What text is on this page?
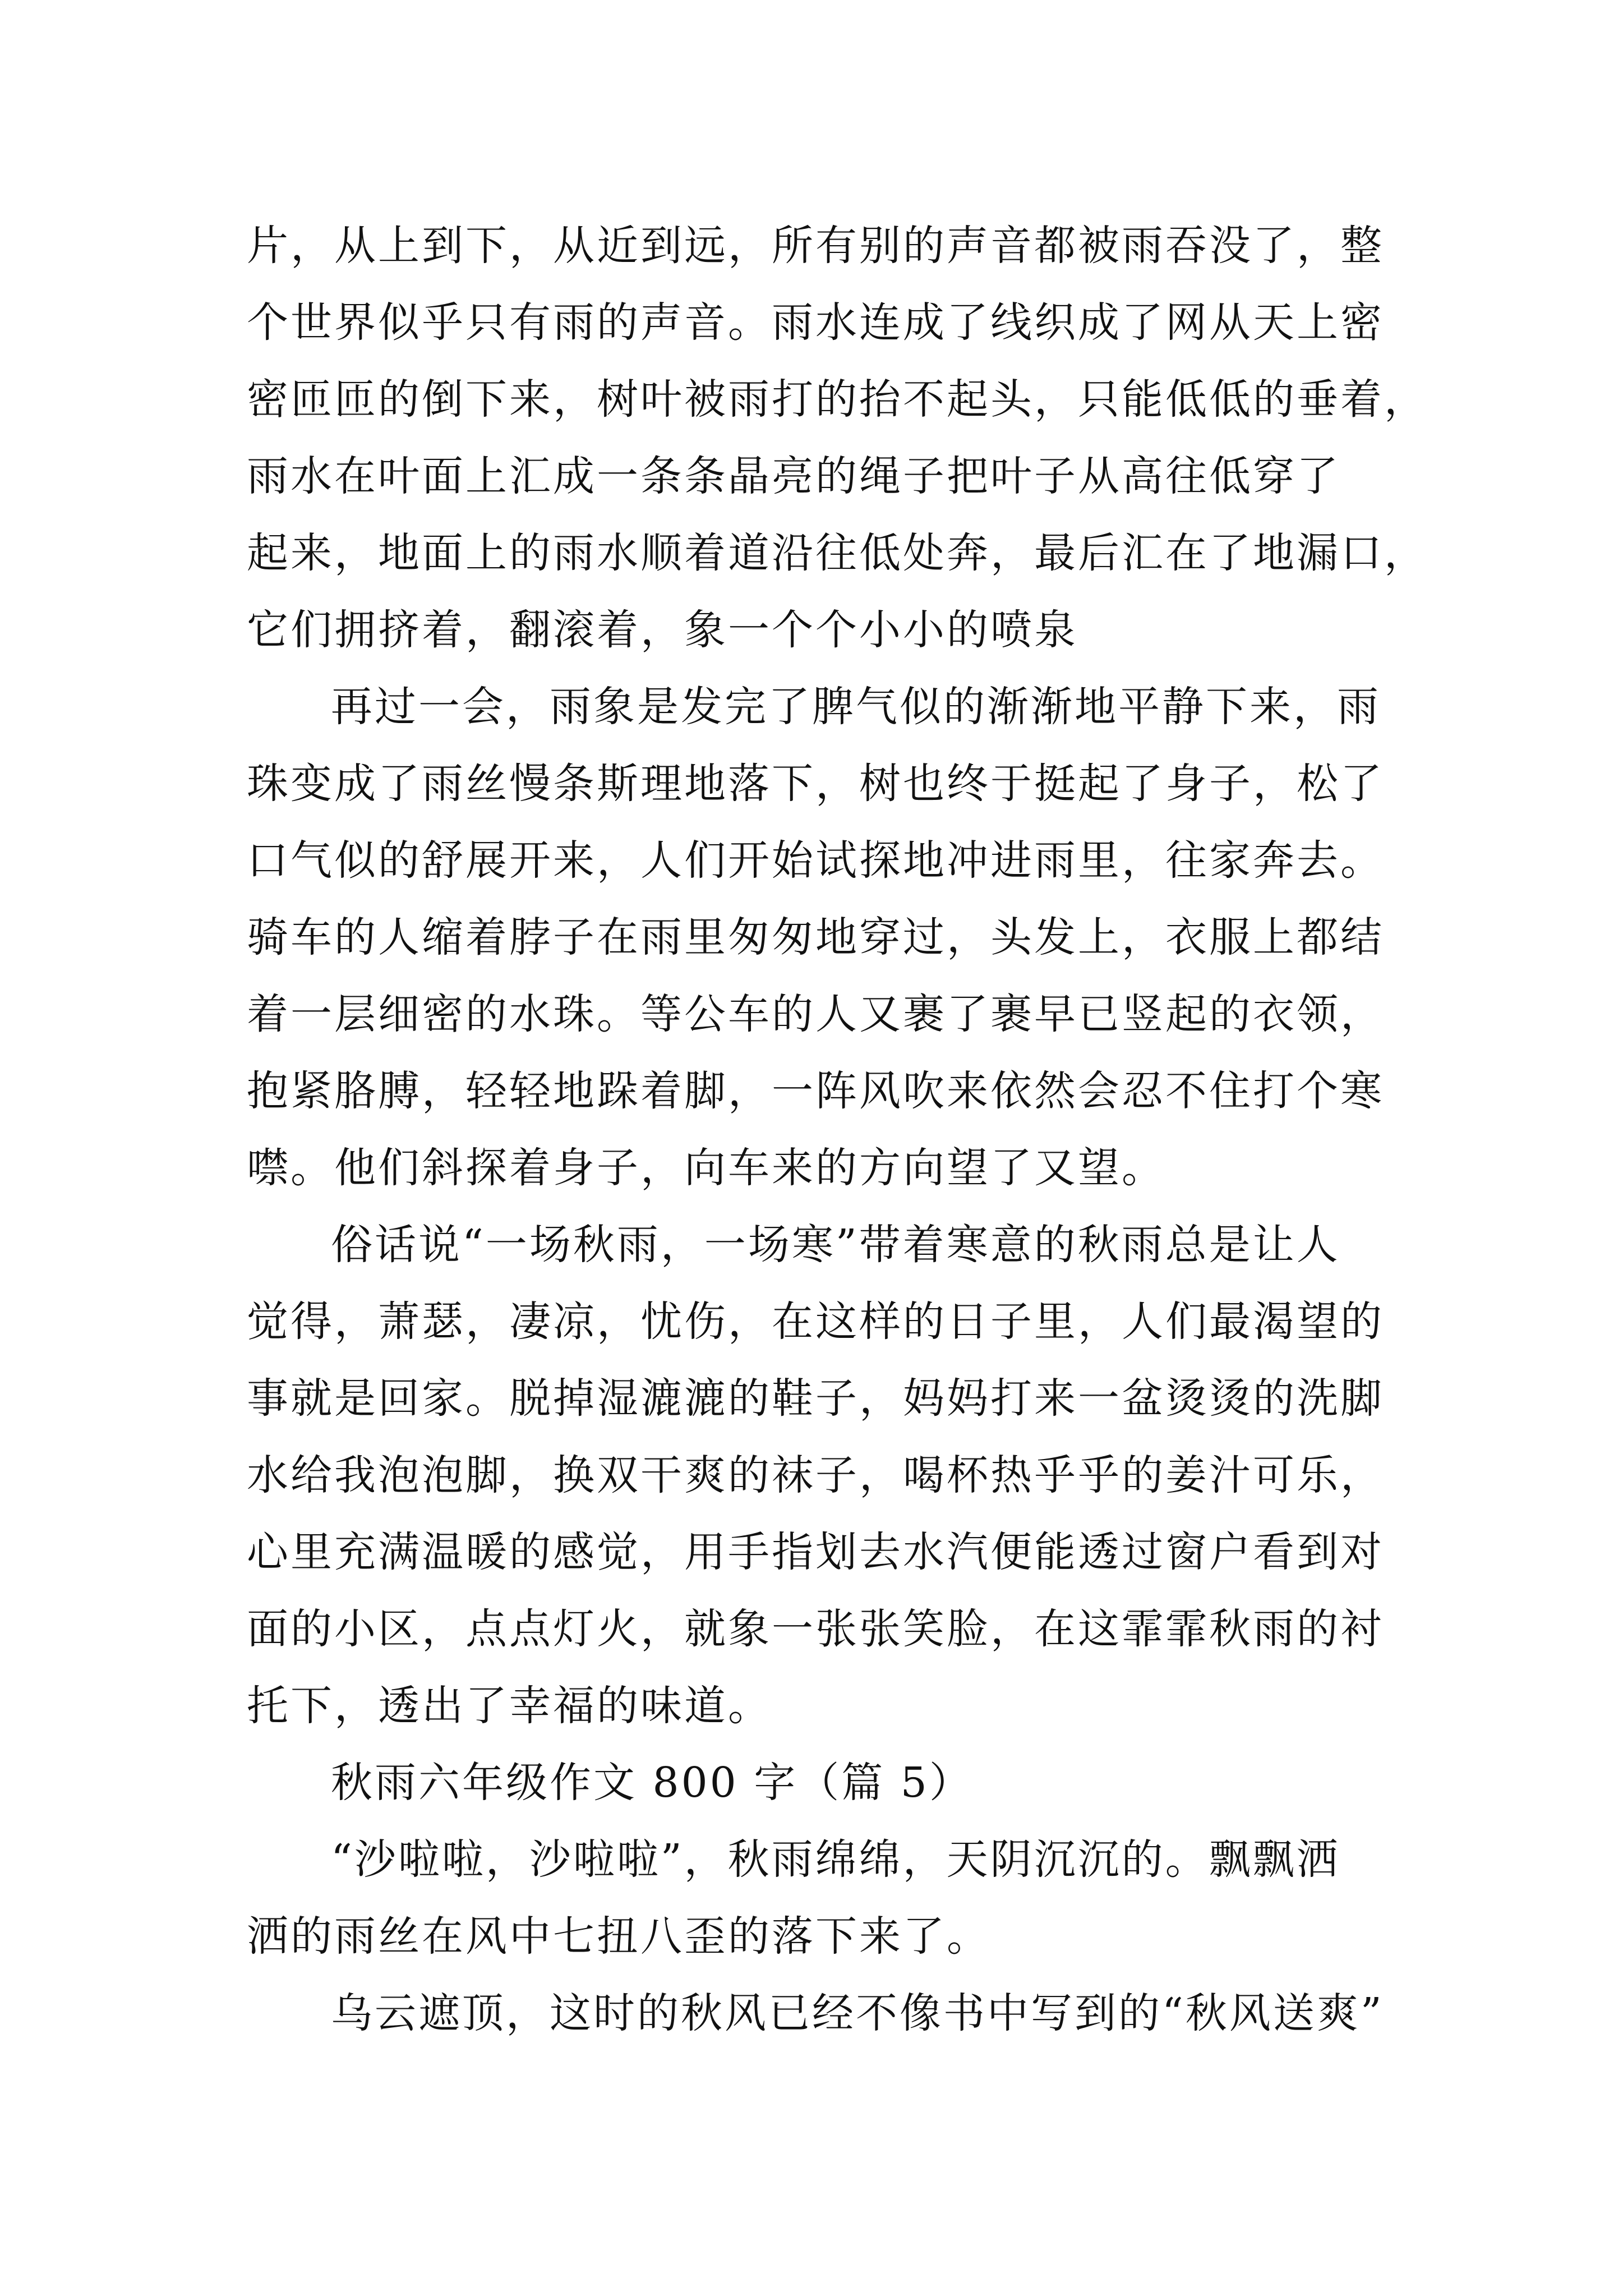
片，从上到下，从近到远，所有别的声音都被雨吞没了，整
个世界似乎只有雨的声音。雨水连成了线织成了网从天上密
密匝匝的倒下来，树叶被雨打的抬不起头，只能低低的垂着，
雨水在叶面上汇成一条条晶亮的绳子把叶子从高往低穿了
起来，地面上的雨水顺着道沿往低处奔，最后汇在了地漏口，
它们拥挤着，翻滚着，象一个个小小的喷泉
再过一会，雨象是发完了脾气似的渐渐地平静下来，雨
珠变成了雨丝慢条斯理地落下，树也终于挺起了身子，松了
口气似的舒展开来，人们开始试探地冲进雨里，往家奔去。
骑车的人缩着脖子在雨里匆匆地穿过，头发上，衣服上都结
着一层细密的水珠。等公车的人又裹了裹早已竖起的衣领，
抱紧胳膊，轻轻地跺着脚，一阵风吹来依然会忍不住打个寒
噤。他们斜探着身子，向车来的方向望了又望。
俗话说“一场秋雨，一场寒”带着寒意的秋雨总是让人
觉得，萧瑟，凄凉，忧伤，在这样的日子里，人们最渴望的
事就是回家。脱掉湿漉漉的鞋子，妈妈打来一盆烫烫的洗脚
水给我泡泡脚，换双干爽的袜子，喝杯热乎乎的姜汁可乐，
心里充满温暖的感觉，用手指划去水汽便能透过窗户看到对
面的小区，点点灯火，就象一张张笑脸，在这霏霏秋雨的衬
托下，透出了幸福的味道。
秋雨六年级作文 800 字（篇 5）
“沙啦啦，沙啦啦”，秋雨绵绵，天阴沉沉的。飘飘洒
洒的雨丝在风中七扭八歪的落下来了。
乌云遮顶，这时的秋风已经不像书中写到的“秋风送爽”
